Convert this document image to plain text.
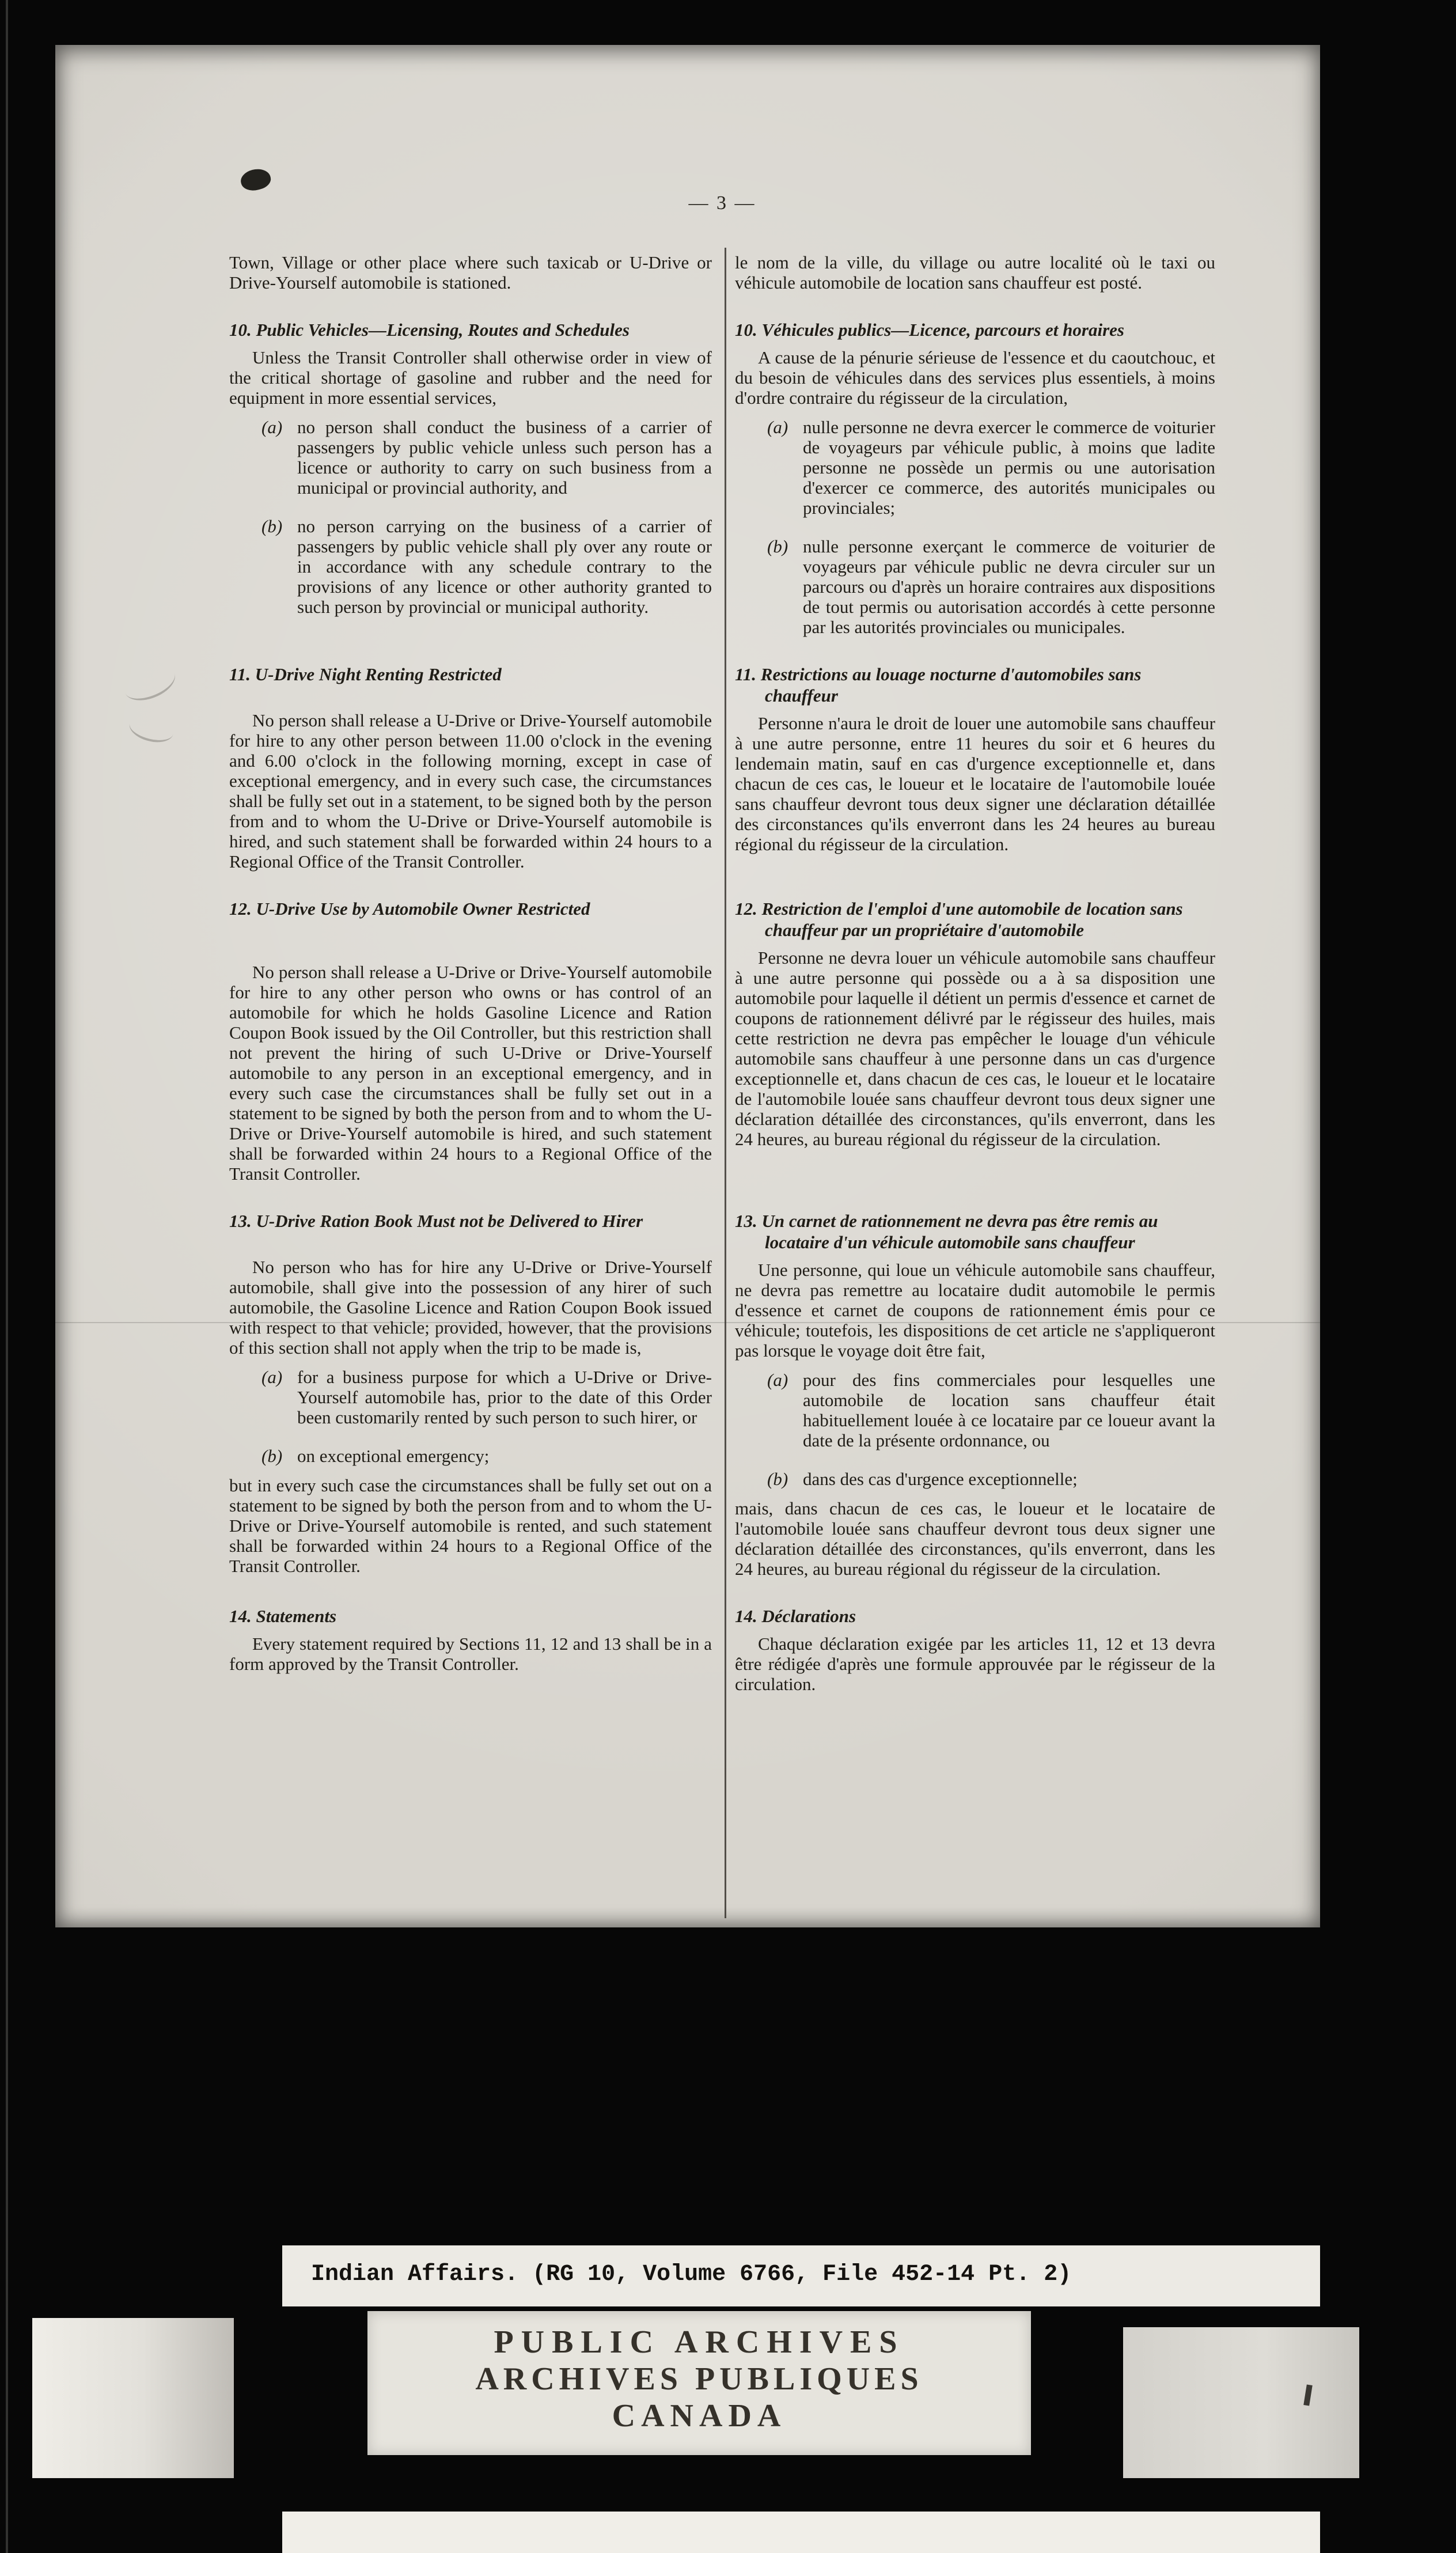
— 3 —

Town, Village or other place where such taxicab or U-Drive or Drive-Yourself automobile is stationed.

le nom de la ville, du village ou autre localité où le taxi ou véhicule automobile de location sans chauffeur est posté.

10. Public Vehicles—Licensing, Routes and Schedules

Unless the Transit Controller shall otherwise order in view of the critical shortage of gasoline and rubber and the need for equipment in more essential services,

(a) no person shall conduct the business of a carrier of passengers by public vehicle unless such person has a licence or authority to carry on such business from a municipal or provincial authority, and
(b) no person carrying on the business of a carrier of passengers by public vehicle shall ply over any route or in accordance with any schedule contrary to the provisions of any licence or other authority granted to such person by provincial or municipal authority.
10. Véhicules publics—Licence, parcours et horaires

A cause de la pénurie sérieuse de l'essence et du caoutchouc, et du besoin de véhicules dans des services plus essentiels, à moins d'ordre contraire du régisseur de la circulation,

(a) nulle personne ne devra exercer le commerce de voiturier de voyageurs par véhicule public, à moins que ladite personne ne possède un permis ou une autorisation d'exercer ce commerce, des autorités municipales ou provinciales;
(b) nulle personne exerçant le commerce de voiturier de voyageurs par véhicule public ne devra circuler sur un parcours ou d'après un horaire contraires aux dispositions de tout permis ou autorisation accordés à cette personne par les autorités provinciales ou municipales.
11. U-Drive Night Renting Restricted

No person shall release a U-Drive or Drive-Yourself automobile for hire to any other person between 11.00 o'clock in the evening and 6.00 o'clock in the following morning, except in case of exceptional emergency, and in every such case, the circumstances shall be fully set out in a statement, to be signed both by the person from and to whom the U-Drive or Drive-Yourself automobile is hired, and such statement shall be forwarded within 24 hours to a Regional Office of the Transit Controller.

11. Restrictions au louage nocturne d'automobiles sans chauffeur

Personne n'aura le droit de louer une automobile sans chauffeur à une autre personne, entre 11 heures du soir et 6 heures du lendemain matin, sauf en cas d'urgence exceptionnelle et, dans chacun de ces cas, le loueur et le locataire de l'automobile louée sans chauffeur devront tous deux signer une déclaration détaillée des circonstances qu'ils enverront dans les 24 heures au bureau régional du régisseur de la circulation.

12. U-Drive Use by Automobile Owner Restricted

No person shall release a U-Drive or Drive-Yourself automobile for hire to any other person who owns or has control of an automobile for which he holds Gasoline Licence and Ration Coupon Book issued by the Oil Controller, but this restriction shall not prevent the hiring of such U-Drive or Drive-Yourself automobile to any person in an exceptional emergency, and in every such case the circumstances shall be fully set out in a statement to be signed by both the person from and to whom the U-Drive or Drive-Yourself automobile is hired, and such statement shall be forwarded within 24 hours to a Regional Office of the Transit Controller.

12. Restriction de l'emploi d'une automobile de location sans chauffeur par un propriétaire d'automobile

Personne ne devra louer un véhicule automobile sans chauffeur à une autre personne qui possède ou a à sa disposition une automobile pour laquelle il détient un permis d'essence et carnet de coupons de rationnement délivré par le régisseur des huiles, mais cette restriction ne devra pas empêcher le louage d'un véhicule automobile sans chauffeur à une personne dans un cas d'urgence exceptionnelle et, dans chacun de ces cas, le loueur et le locataire de l'automobile louée sans chauffeur devront tous deux signer une déclaration détaillée des circonstances, qu'ils enverront, dans les 24 heures, au bureau régional du régisseur de la circulation.

13. U-Drive Ration Book Must not be Delivered to Hirer

No person who has for hire any U-Drive or Drive-Yourself automobile, shall give into the possession of any hirer of such automobile, the Gasoline Licence and Ration Coupon Book issued with respect to that vehicle; provided, however, that the provisions of this section shall not apply when the trip to be made is,

(a) for a business purpose for which a U-Drive or Drive-Yourself automobile has, prior to the date of this Order been customarily rented by such person to such hirer, or
(b) on exceptional emergency;

but in every such case the circumstances shall be fully set out on a statement to be signed by both the person from and to whom the U-Drive or Drive-Yourself automobile is rented, and such statement shall be forwarded within 24 hours to a Regional Office of the Transit Controller.

13. Un carnet de rationnement ne devra pas être remis au locataire d'un véhicule automobile sans chauffeur

Une personne, qui loue un véhicule automobile sans chauffeur, ne devra pas remettre au locataire dudit automobile le permis d'essence et carnet de coupons de rationnement émis pour ce véhicule; toutefois, les dispositions de cet article ne s'appliqueront pas lorsque le voyage doit être fait,

(a) pour des fins commerciales pour lesquelles une automobile de location sans chauffeur était habituellement louée à ce locataire par ce loueur avant la date de la présente ordonnance, ou
(b) dans des cas d'urgence exceptionnelle;

mais, dans chacun de ces cas, le loueur et le locataire de l'automobile louée sans chauffeur devront tous deux signer une déclaration détaillée des circonstances, qu'ils enverront, dans les 24 heures, au bureau régional du régisseur de la circulation.

14. Statements

Every statement required by Sections 11, 12 and 13 shall be in a form approved by the Transit Controller.

14. Déclarations

Chaque déclaration exigée par les articles 11, 12 et 13 devra être rédigée d'après une formule approuvée par le régisseur de la circulation.

Indian Affairs. (RG 10, Volume 6766, File 452-14 Pt. 2)
PUBLIC ARCHIVES
ARCHIVES PUBLIQUES
CANADA
